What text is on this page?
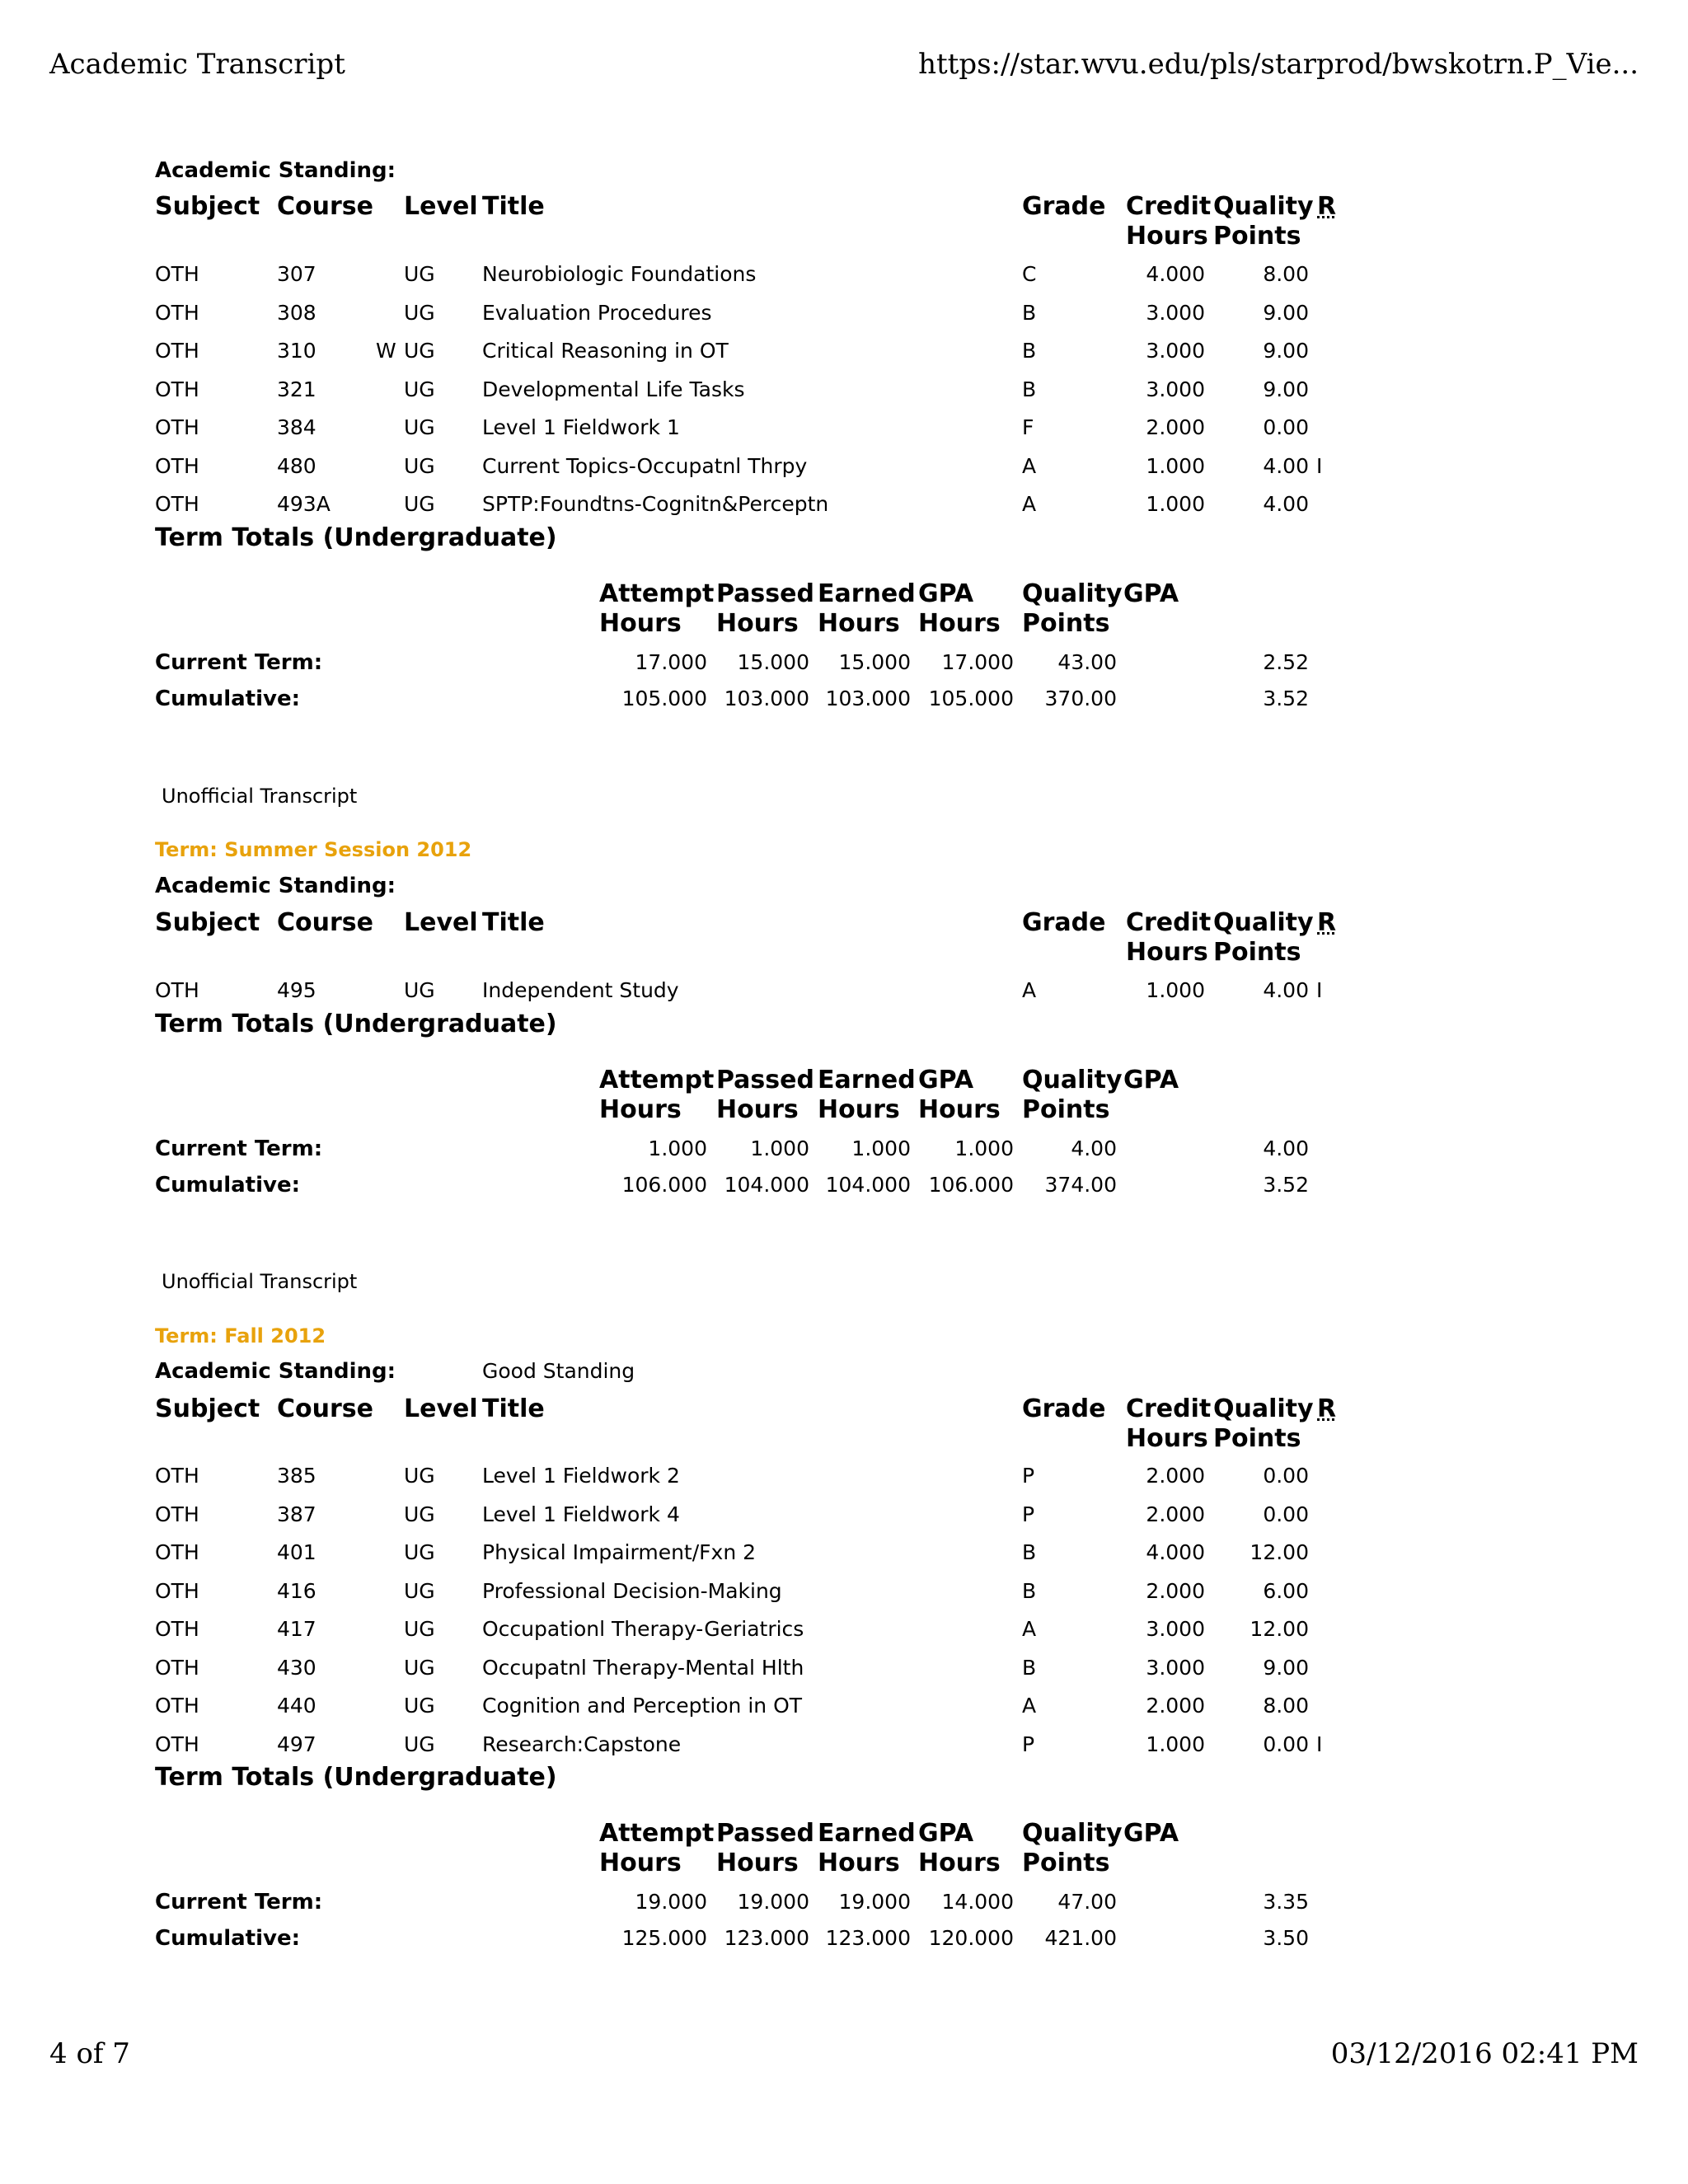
Academic Transcript	https://star.wvu.edu/pls/starprod/bwskotrn.P_Vie...
Academic Standing:
Subject Course Level Title	Grade Credit
Hours
Quality
Points
R
OTH	307	UG Neurobiologic Foundations	C	4.000	8.00
OTH	308	UG Evaluation Procedures	B	3.000	9.00
OTH	310	W UG Critical Reasoning in OT	B	3.000	9.00
OTH	321	UG Developmental Life Tasks	B	3.000	9.00
OTH	384	UG Level 1 Fieldwork 1	F	2.000	0.00
OTH	480	UG Current Topics-Occupatnl Thrpy	A	1.000	4.00 I
OTH	493A	UG SPTP:Foundtns-Cognitn&Perceptn	A	1.000	4.00
Term Totals (Undergraduate)
Attempt
Hours
Passed
Hours
Earned
Hours
GPA
Hours
Quality
Points
GPA
Current Term:	17.000 15.000 15.000 17.000 43.00	2.52
Cumulative:	105.000 103.000 103.000 105.000 370.00	3.52
Term: Summer Session 2012
Academic Standing:
Subject Course Level Title	Grade Credit
Hours
Quality
Points
R
OTH	495	UG Independent Study	A	1.000	4.00 I
Term Totals (Undergraduate)
Attempt
Hours
Passed
Hours
Earned
Hours
GPA
Hours
Quality
Points
GPA
Current Term:	1.000 1.000 1.000 1.000	4.00	4.00
Cumulative:	106.000 104.000 104.000 106.000 374.00	3.52
Term: Fall 2012
Academic Standing:	Good Standing
Subject Course Level Title	Grade Credit
Hours
Quality
Points
R
OTH	385	UG Level 1 Fieldwork 2	P	2.000	0.00
OTH	387	UG Level 1 Fieldwork 4	P	2.000	0.00
OTH	401	UG Physical Impairment/Fxn 2	B	4.000 12.00
OTH	416	UG Professional Decision-Making	B	2.000	6.00
OTH	417	UG Occupationl Therapy-Geriatrics	A	3.000 12.00
OTH	430	UG Occupatnl Therapy-Mental Hlth	B	3.000	9.00
OTH	440	UG Cognition and Perception in OT	A	2.000	8.00
OTH	497	UG Research:Capstone	P	1.000	0.00 I
Term Totals (Undergraduate)
Attempt
Hours
Passed
Hours
Earned
Hours
GPA
Hours
Quality
Points
GPA
Current Term:	19.000 19.000 19.000 14.000 47.00	3.35
Cumulative:	125.000 123.000 123.000 120.000 421.00	3.50
Unofficial Transcript
Unofficial Transcript
4 of 7	03/12/2016 02:41 PM
